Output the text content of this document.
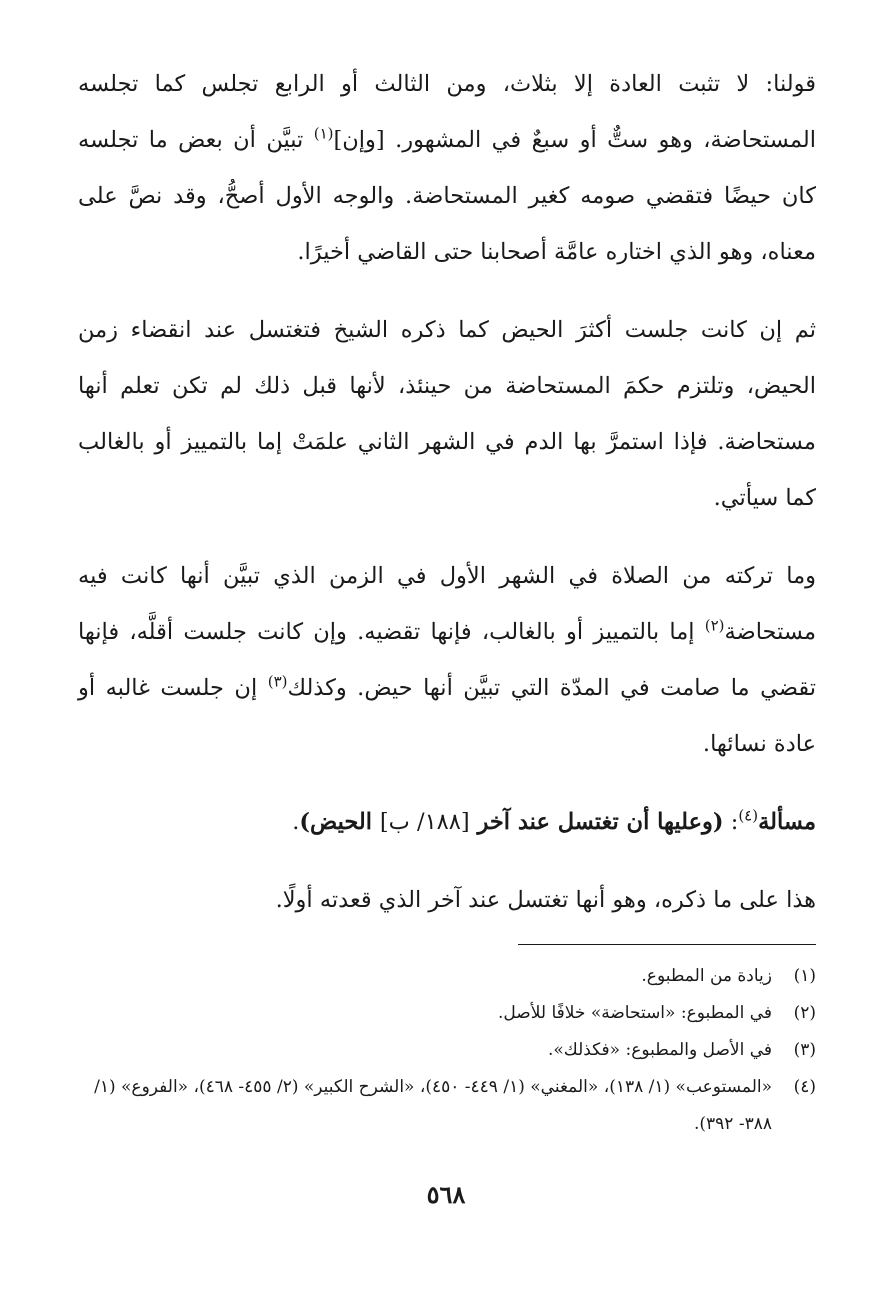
قولنا: لا تثبت العادة إلا بثلاث، ومن الثالث أو الرابع تجلس كما تجلسه المستحاضة، وهو ستٌّ أو سبعٌ في المشهور. [وإن]$^{(١)}$ تبيَّن أن بعض ما تجلسه كان حيضًا فتقضي صومه كغير المستحاضة. والوجه الأول أصحُّ، وقد نصَّ على معناه، وهو الذي اختاره عامَّة أصحابنا حتى القاضي أخيرًا.

ثم إن كانت جلست أكثرَ الحيض كما ذكره الشيخ فتغتسل عند انقضاء زمن الحيض، وتلتزم حكمَ المستحاضة من حينئذ، لأنها قبل ذلك لم تكن تعلم أنها مستحاضة. فإذا استمرَّ بها الدم في الشهر الثاني علمَتْ إما بالتمييز أو بالغالب كما سيأتي.

وما تركته من الصلاة في الشهر الأول في الزمن الذي تبيَّن أنها كانت فيه مستحاضة$^{(٢)}$ إما بالتمييز أو بالغالب، فإنها تقضيه. وإن كانت جلست أقلَّه، فإنها تقضي ما صامت في المدّة التي تبيَّن أنها حيض. وكذلك$^{(٣)}$ إن جلست غالبه أو عادة نسائها.

مسألة$^{(٤)}$: (وعليها أن تغتسل عند آخر [١٨٨/ ب] الحيض).

هذا على ما ذكره، وهو أنها تغتسل عند آخر الذي قعدته أولًا.

(١)
زيادة من المطبوع.
(٢)
في المطبوع: «استحاضة» خلافًا للأصل.
(٣)
في الأصل والمطبوع: «فكذلك».
(٤)
«المستوعب» (١/ ١٣٨)، «المغني» (١/ ٤٤٩- ٤٥٠)، «الشرح الكبير» (٢/ ٤٥٥- ٤٦٨)، «الفروع» (١/ ٣٨٨- ٣٩٢).
٥٦٨
